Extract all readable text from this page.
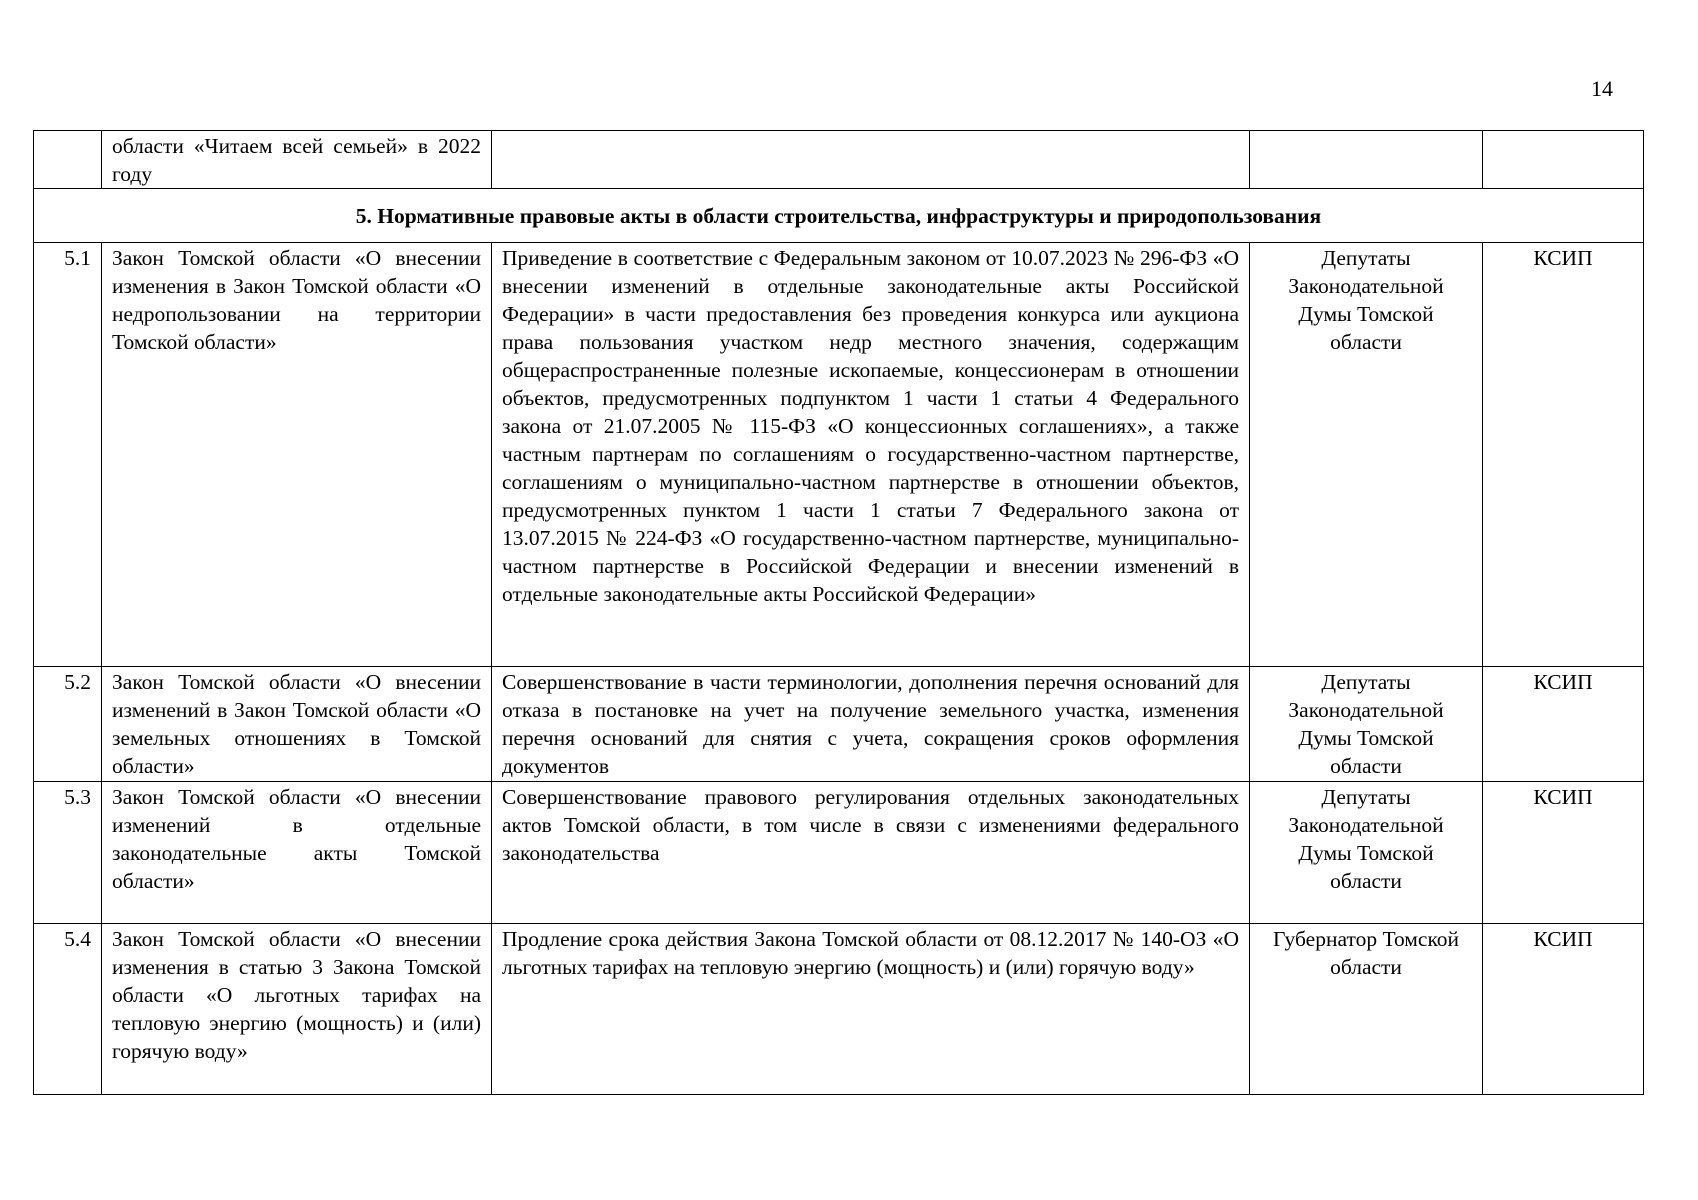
14
	области «Читаем всей семьей» в 2022 году			
5. Нормативные правовые акты в области строительства, инфраструктуры и природопользования				
5.1	Закон Томской области «О внесении изменения в Закон Томской области «О недропользовании на территории Томской области»	Приведение в соответствие с Федеральным законом от 10.07.2023 № 296-ФЗ «О внесении изменений в отдельные законодательные акты Российской Федерации» в части предоставления без проведения конкурса или аукциона права пользования участком недр местного значения, содержащим общераспространенные полезные ископаемые, концессионерам в отношении объектов, предусмотренных подпунктом 1 части 1 статьи 4 Федерального закона от 21.07.2005 № 115-ФЗ «О концессионных соглашениях», а также частным партнерам по соглашениям о государственно-частном партнерстве, соглашениям о муниципально-частном партнерстве в отношении объектов, предусмотренных пунктом 1 части 1 статьи 7 Федерального закона от 13.07.2015 № 224-ФЗ «О государственно-частном партнерстве, муниципально-частном партнерстве в Российской Федерации и внесении изменений в отдельные законодательные акты Российской Федерации»	Депутаты Законодательной Думы Томской области	КСИП
5.2	Закон Томской области «О внесении изменений в Закон Томской области «О земельных отношениях в Томской области»	Совершенствование в части терминологии, дополнения перечня оснований для отказа в постановке на учет на получение земельного участка, изменения перечня оснований для снятия с учета, сокращения сроков оформления документов	Депутаты Законодательной Думы Томской области	КСИП
5.3	Закон Томской области «О внесении изменений в отдельные законодательные акты Томской области»	Совершенствование правового регулирования отдельных законодательных актов Томской области, в том числе в связи с изменениями федерального законодательства	Депутаты Законодательной Думы Томской области	КСИП
5.4	Закон Томской области «О внесении изменения в статью 3 Закона Томской области «О льготных тарифах на тепловую энергию (мощность) и (или) горячую воду»	Продление срока действия Закона Томской области от 08.12.2017 № 140-ОЗ «О льготных тарифах на тепловую энергию (мощность) и (или) горячую воду»	Губернатор Томской области	КСИП
